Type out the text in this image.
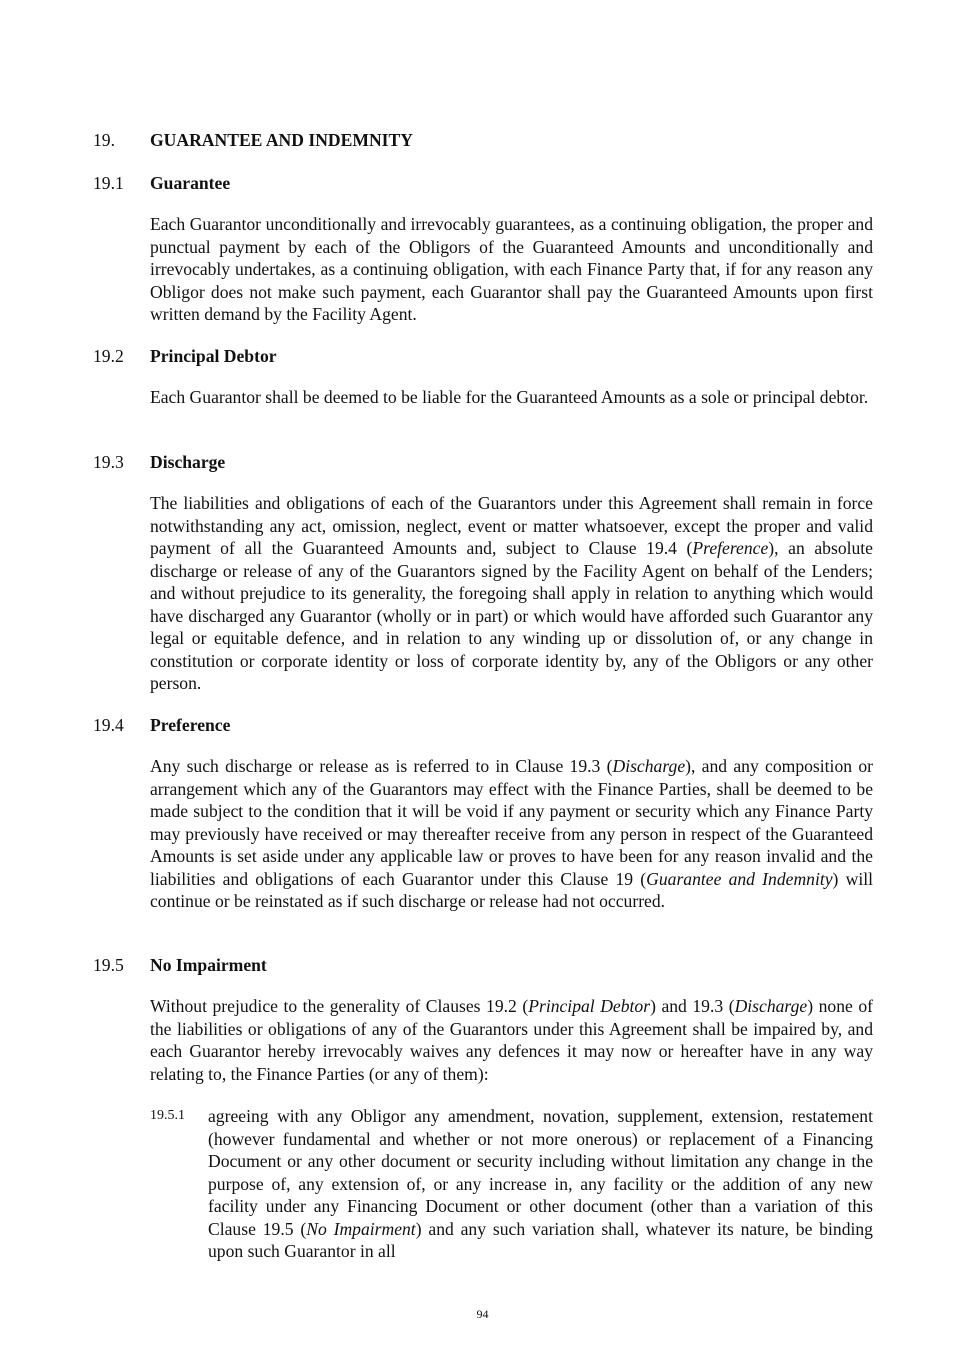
19.	GUARANTEE AND INDEMNITY
19.1	Guarantee

Each Guarantor unconditionally and irrevocably guarantees, as a continuing obligation, the proper and punctual payment by each of the Obligors of the Guaranteed Amounts and unconditionally and irrevocably undertakes, as a continuing obligation, with each Finance Party that, if for any reason any Obligor does not make such payment, each Guarantor shall pay the Guaranteed Amounts upon first written demand by the Facility Agent.

19.2	Principal Debtor

Each Guarantor shall be deemed to be liable for the Guaranteed Amounts as a sole or principal debtor.

19.3	Discharge

The liabilities and obligations of each of the Guarantors under this Agreement shall remain in force notwithstanding any act, omission, neglect, event or matter whatsoever, except the proper and valid payment of all the Guaranteed Amounts and, subject to Clause 19.4 (Preference), an absolute discharge or release of any of the Guarantors signed by the Facility Agent on behalf of the Lenders; and without prejudice to its generality, the foregoing shall apply in relation to anything which would have discharged any Guarantor (wholly or in part) or which would have afforded such Guarantor any legal or equitable defence, and in relation to any winding up or dissolution of, or any change in constitution or corporate identity or loss of corporate identity by, any of the Obligors or any other person.

19.4	Preference

Any such discharge or release as is referred to in Clause 19.3 (Discharge), and any composition or arrangement which any of the Guarantors may effect with the Finance Parties, shall be deemed to be made subject to the condition that it will be void if any payment or security which any Finance Party may previously have received or may thereafter receive from any person in respect of the Guaranteed Amounts is set aside under any applicable law or proves to have been for any reason invalid and the liabilities and obligations of each Guarantor under this Clause 19 (Guarantee and Indemnity) will continue or be reinstated as if such discharge or release had not occurred.

19.5	No Impairment

Without prejudice to the generality of Clauses 19.2 (Principal Debtor) and 19.3 (Discharge) none of the liabilities or obligations of any of the Guarantors under this Agreement shall be impaired by, and each Guarantor hereby irrevocably waives any defences it may now or hereafter have in any way relating to, the Finance Parties (or any of them):

19.5.1	agreeing with any Obligor any amendment, novation, supplement, extension, restatement (however fundamental and whether or not more onerous) or replacement of a Financing Document or any other document or security including without limitation any change in the purpose of, any extension of, or any increase in, any facility or the addition of any new facility under any Financing Document or other document (other than a variation of this Clause 19.5 (No Impairment) and any such variation shall, whatever its nature, be binding upon such Guarantor in all

94
